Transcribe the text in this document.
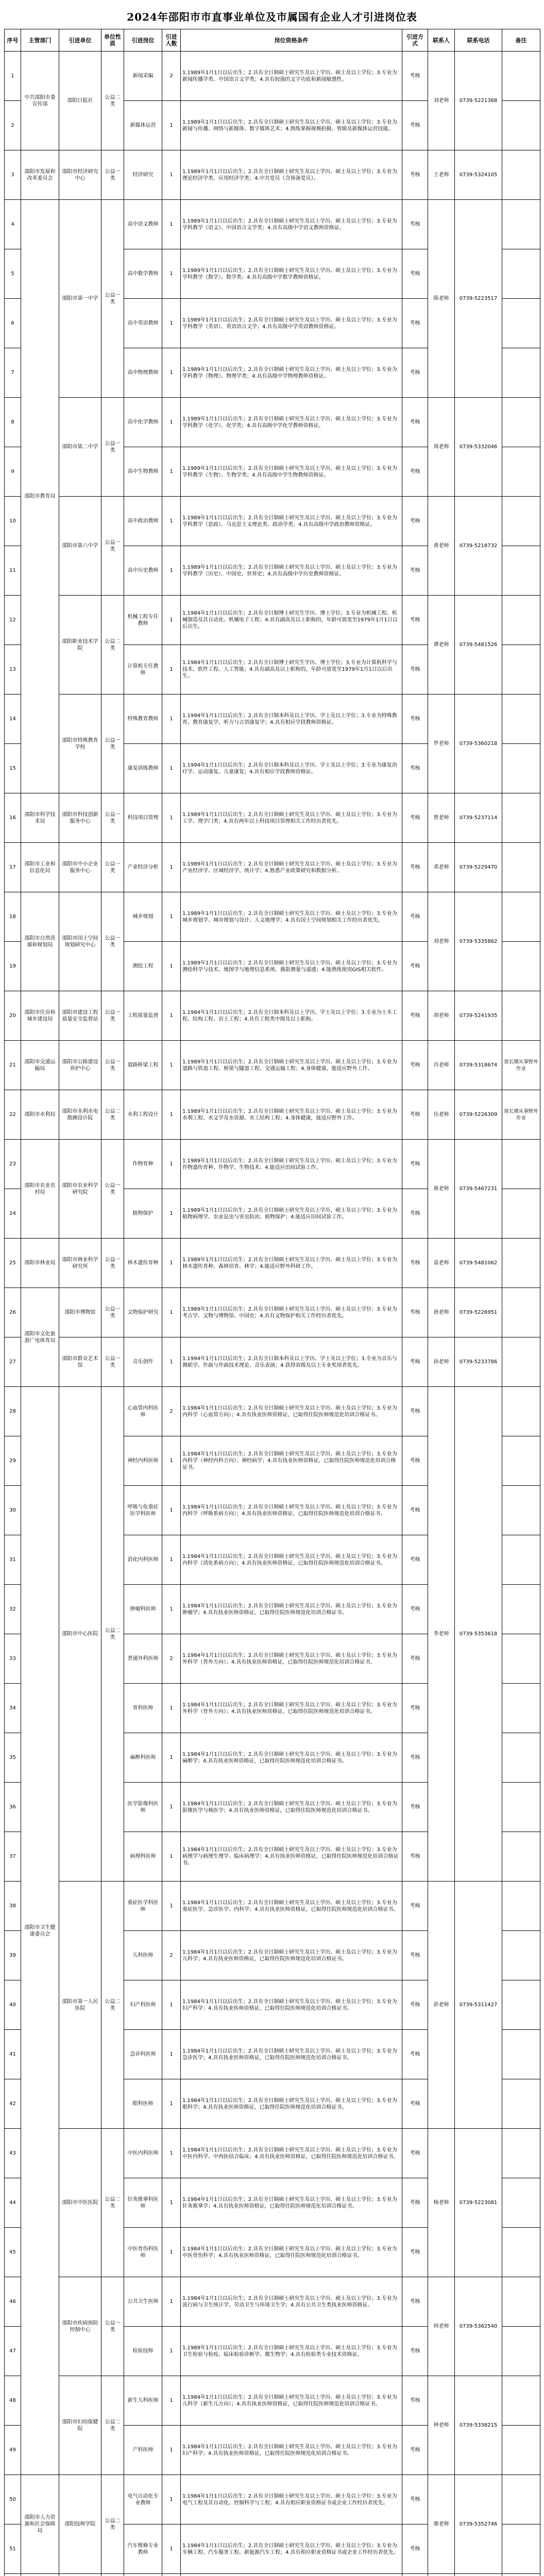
2024年邵阳市市直事业单位及市属国有企业人才引进岗位表
序号	主管部门	引进单位	单位性质	引进岗位	引进人数	岗位资格条件	引进方式	联系人	联系电话	备注

1	中共邵阳市委宣传部	邵阳日报社	公益二类	新闻采编	2	1.1989年1月1日以后出生；2.具有全日制硕士研究生及以上学历、硕士及以上学位；3.专业为新闻传播学类、中国语言文学类；4.具有较强的文字功底和新闻敏感性。	考核	刘老师	0739-5221368	

2				新媒体运营	1	1.1989年1月1日以后出生；2.具有全日制硕士研究生及以上学历、硕士及以上学位；3.专业为新闻与传播、网络与新媒体、数字媒体艺术；4.熟练掌握视频拍摄、剪辑及新媒体运营技能。	考核			

3	邵阳市发展和改革委员会	邵阳市经济研究中心	公益一类	经济研究	1	1.1989年1月1日以后出生；2.具有全日制硕士研究生及以上学历、硕士及以上学位；3.专业为理论经济学类、应用经济学类；4.中共党员（含预备党员）。	考核	王老师	0739-5324105	

4	邵阳市教育局	邵阳市第一中学	公益一类	高中语文教师	1	1.1989年1月1日以后出生；2.具有全日制硕士研究生及以上学历、硕士及以上学位；3.专业为学科教学（语文）、中国语言文学类；4.具有高级中学语文教师资格证。	考核	陈老师	0739-5223517	

5				高中数学教师	1	1.1989年1月1日以后出生；2.具有全日制硕士研究生及以上学历、硕士及以上学位；3.专业为学科教学（数学）、数学类；4.具有高级中学数学教师资格证。	考核			

6				高中英语教师	1	1.1989年1月1日以后出生；2.具有全日制硕士研究生及以上学历、硕士及以上学位；3.专业为学科教学（英语）、英语语言文学；4.具有高级中学英语教师资格证。	考核			

7				高中物理教师	1	1.1989年1月1日以后出生；2.具有全日制硕士研究生及以上学历、硕士及以上学位；3.专业为学科教学（物理）、物理学类；4.具有高级中学物理教师资格证。	考核			

8		邵阳市第二中学	公益一类	高中化学教师	1	1.1989年1月1日以后出生；2.具有全日制硕士研究生及以上学历、硕士及以上学位；3.专业为学科教学（化学）、化学类；4.具有高级中学化学教师资格证。	考核	周老师	0739-5332046	

9				高中生物教师	1	1.1989年1月1日以后出生；2.具有全日制硕士研究生及以上学历、硕士及以上学位；3.专业为学科教学（生物）、生物学类；4.具有高级中学生物教师资格证。	考核			

10		邵阳市第六中学	公益一类	高中政治教师	1	1.1989年1月1日以后出生；2.具有全日制硕士研究生及以上学历、硕士及以上学位；3.专业为学科教学（思政）、马克思主义理论类、政治学类；4.具有高级中学政治教师资格证。	考核	黄老师	0739-5218732	

11				高中历史教师	1	1.1989年1月1日以后出生；2.具有全日制硕士研究生及以上学历、硕士及以上学位；3.专业为学科教学（历史）、中国史、世界史；4.具有高级中学历史教师资格证。	考核			

12		邵阳职业技术学院	公益二类	机械工程专任教师	1	1.1984年1月1日以后出生；2.具有全日制博士研究生学历、博士学位；3.专业为机械工程、机械制造及其自动化、机械电子工程；4.具有副高及以上职称的，年龄可放宽至1979年1月1日以后出生。	考核	谭老师	0739-5481526	

13				计算机专任教师	1	1.1984年1月1日以后出生；2.具有全日制博士研究生学历、博士学位；3.专业为计算机科学与技术、软件工程、人工智能；4.具有副高及以上职称的，年龄可放宽至1979年1月1日以后出生。	考核			

14		邵阳市特殊教育学校	公益一类	特殊教育教师	1	1.1994年1月1日以后出生；2.具有全日制本科及以上学历、学士及以上学位；3.专业为特殊教育、教育康复学、听力与言语康复学；4.具有相应学段教师资格证。	考核	罗老师	0739-5360218	

15				康复训练教师	1	1.1994年1月1日以后出生；2.具有全日制本科及以上学历、学士及以上学位；3.专业为康复治疗学、运动康复、儿童康复；4.具有相应学段教师资格证。	考核			

16	邵阳市科学技术局	邵阳市科技创新服务中心	公益一类	科技项目管理	1	1.1989年1月1日以后出生；2.具有全日制硕士研究生及以上学历、硕士及以上学位；3.专业为工学、理学门类；4.具有两年以上科技项目管理相关工作经历者优先。	考核	曾老师	0739-5237114	

17	邵阳市工业和信息化局	邵阳市中小企业服务中心	公益一类	产业经济分析	1	1.1989年1月1日以后出生；2.具有全日制硕士研究生及以上学历、硕士及以上学位；3.专业为产业经济学、区域经济学、统计学；4.熟悉产业政策研究和数据分析。	考核	邓老师	0739-5229470	

18	邵阳市自然资源和规划局	邵阳市国土空间规划研究中心	公益一类	城乡规划	1	1.1989年1月1日以后出生；2.具有全日制硕士研究生及以上学历、硕士及以上学位；3.专业为城乡规划学、城市规划与设计、人文地理学；4.具有国土空间规划相关工作经历者优先。	考核	刘老师	0739-5335862	

19				测绘工程	1	1.1989年1月1日以后出生；2.具有全日制硕士研究生及以上学历、硕士及以上学位；3.专业为测绘科学与技术、地图学与地理信息系统、摄影测量与遥感；4.能熟练使用GIS相关软件。	考核			

20	邵阳市住房和城乡建设局	邵阳市建设工程质量安全监督站	公益一类	工程质量监督	1	1.1984年1月1日以后出生；2.具有全日制本科及以上学历、学士及以上学位；3.专业为土木工程、结构工程、岩土工程；4.具有工程类中级及以上职称。	考核	胡老师	0739-5241935	

21	邵阳市交通运输局	邵阳市公路建设养护中心	公益一类	道路桥梁工程	1	1.1989年1月1日以后出生；2.具有全日制硕士研究生及以上学历、硕士及以上学位；3.专业为道路与铁道工程、桥梁与隧道工程、交通运输工程；4.身体健康，能适应野外工作。	考核	肖老师	0739-5318674	需长期从事野外作业

22	邵阳市水利局	邵阳市水利水电勘测设计院	公益二类	水利工程设计	1	1.1989年1月1日以后出生；2.具有全日制硕士研究生及以上学历、硕士及以上学位；3.专业为水利工程、水文学及水资源、水工结构工程；4.身体健康，能适应野外工作。	考核	伍老师	0739-5226309	需长期从事野外作业

23	邵阳市农业农村局	邵阳市农业科学研究院	公益一类	作物育种	1	1.1989年1月1日以后出生；2.具有全日制硕士研究生及以上学历、硕士及以上学位；3.专业为作物遗传育种、作物学、生物技术；4.能适应田间试验工作。	考核	蒋老师	0739-5467231	

24				植物保护	1	1.1989年1月1日以后出生；2.具有全日制硕士研究生及以上学历、硕士及以上学位；3.专业为植物病理学、农业昆虫与害虫防治、植物保护；4.能适应田间试验工作。	考核			

25	邵阳市林业局	邵阳市林业科学研究所	公益一类	林木遗传育种	1	1.1989年1月1日以后出生；2.具有全日制硕士研究生及以上学历、硕士及以上学位；3.专业为林木遗传育种、森林培育、林学；4.能适应野外科研工作。	考核	袁老师	0739-5481062	

26	邵阳市文化旅游广电体育局	邵阳市博物馆	公益一类	文物保护研究	1	1.1989年1月1日以后出生；2.具有全日制硕士研究生及以上学历、硕士及以上学位；3.专业为考古学、文物与博物馆、中国史；4.具有文物保护相关工作经历者优先。	考核	唐老师	0739-5226951	

27		邵阳市群众艺术馆	公益一类	音乐创作	1	1.1994年1月1日以后出生；2.具有全日制本科及以上学历、学士及以上学位；3.专业为音乐与舞蹈学、作曲与作曲技术理论、音乐表演；4.获得省级及以上专业奖项者优先。	考核	孙老师	0739-5233786	

28	邵阳市卫生健康委员会	邵阳市中心医院	公益二类	心血管内科医师	2	1.1984年1月1日以后出生；2.具有全日制硕士研究生及以上学历、硕士及以上学位；3.专业为内科学（心血管方向）；4.具有执业医师资格证，已取得住院医师规范化培训合格证书。	考核	李老师	0739-5353618	

29				神经内科医师	1	1.1984年1月1日以后出生；2.具有全日制硕士研究生及以上学历、硕士及以上学位；3.专业为内科学（神经内科方向）、神经病学；4.具有执业医师资格证，已取得住院医师规范化培训合格证书。	考核			

30				呼吸与危重症医学科医师	1	1.1984年1月1日以后出生；2.具有全日制硕士研究生及以上学历、硕士及以上学位；3.专业为内科学（呼吸系病方向）；4.具有执业医师资格证，已取得住院医师规范化培训合格证书。	考核			

31				消化内科医师	1	1.1984年1月1日以后出生；2.具有全日制硕士研究生及以上学历、硕士及以上学位；3.专业为内科学（消化系病方向）；4.具有执业医师资格证，已取得住院医师规范化培训合格证书。	考核			

32				肿瘤科医师	1	1.1984年1月1日以后出生；2.具有全日制硕士研究生及以上学历、硕士及以上学位；3.专业为肿瘤学；4.具有执业医师资格证，已取得住院医师规范化培训合格证书。	考核			

33				普通外科医师	2	1.1984年1月1日以后出生；2.具有全日制硕士研究生及以上学历、硕士及以上学位；3.专业为外科学（普外方向）；4.具有执业医师资格证，已取得住院医师规范化培训合格证书。	考核			

34				骨科医师	1	1.1984年1月1日以后出生；2.具有全日制硕士研究生及以上学历、硕士及以上学位；3.专业为外科学（骨外方向）；4.具有执业医师资格证，已取得住院医师规范化培训合格证书。	考核			

35				麻醉科医师	1	1.1984年1月1日以后出生；2.具有全日制硕士研究生及以上学历、硕士及以上学位；3.专业为麻醉学；4.具有执业医师资格证，已取得住院医师规范化培训合格证书。	考核			

36				医学影像科医师	1	1.1984年1月1日以后出生；2.具有全日制硕士研究生及以上学历、硕士及以上学位；3.专业为影像医学与核医学；4.具有执业医师资格证，已取得住院医师规范化培训合格证书。	考核			

37				病理科医师	1	1.1984年1月1日以后出生；2.具有全日制硕士研究生及以上学历、硕士及以上学位；3.专业为病理学与病理生理学、临床病理学；4.具有执业医师资格证，已取得住院医师规范化培训合格证书。	考核			

38		邵阳市第一人民医院	公益二类	重症医学科医师	1	1.1984年1月1日以后出生；2.具有全日制硕士研究生及以上学历、硕士及以上学位；3.专业为重症医学、急诊医学、内科学；4.具有执业医师资格证，已取得住院医师规范化培训合格证书。	考核	彭老师	0739-5311427	

39				儿科医师	2	1.1984年1月1日以后出生；2.具有全日制硕士研究生及以上学历、硕士及以上学位；3.专业为儿科学；4.具有执业医师资格证，已取得住院医师规范化培训合格证书。	考核			

40				妇产科医师	1	1.1984年1月1日以后出生；2.具有全日制硕士研究生及以上学历、硕士及以上学位；3.专业为妇产科学；4.具有执业医师资格证，已取得住院医师规范化培训合格证书。	考核			

41				急诊科医师	1	1.1984年1月1日以后出生；2.具有全日制硕士研究生及以上学历、硕士及以上学位；3.专业为急诊医学；4.具有执业医师资格证，已取得住院医师规范化培训合格证书。	考核			

42				眼科医师	1	1.1984年1月1日以后出生；2.具有全日制硕士研究生及以上学历、硕士及以上学位；3.专业为眼科学；4.具有执业医师资格证，已取得住院医师规范化培训合格证书。	考核			

43		邵阳市中医医院	公益二类	中医内科医师	1	1.1984年1月1日以后出生；2.具有全日制硕士研究生及以上学历、硕士及以上学位；3.专业为中医内科学、中西医结合临床；4.具有执业医师资格证，已取得住院医师规范化培训合格证书。	考核	杨老师	0739-5223081	

44				针灸推拿科医师	1	1.1984年1月1日以后出生；2.具有全日制硕士研究生及以上学历、硕士及以上学位；3.专业为针灸推拿学；4.具有执业医师资格证，已取得住院医师规范化培训合格证书。	考核			

45				中医骨伤科医师	1	1.1984年1月1日以后出生；2.具有全日制硕士研究生及以上学历、硕士及以上学位；3.专业为中医骨伤科学；4.具有执业医师资格证，已取得住院医师规范化培训合格证书。	考核			

46		邵阳市疾病预防控制中心	公益一类	公共卫生医师	1	1.1984年1月1日以后出生；2.具有全日制硕士研究生及以上学历、硕士及以上学位；3.专业为流行病与卫生统计学、劳动卫生与环境卫生学；4.具有公共卫生类执业医师资格证。	考核	何老师	0739-5362540	

47				检验技师	1	1.1989年1月1日以后出生；2.具有全日制硕士研究生及以上学历、硕士及以上学位；3.专业为卫生检验与检疫、临床检验诊断学、微生物学；4.具有检验类专业技术资格证。	考核			

48		邵阳市妇幼保健院	公益二类	新生儿科医师	1	1.1984年1月1日以后出生；2.具有全日制硕士研究生及以上学历、硕士及以上学位；3.专业为儿科学（新生儿方向）；4.具有执业医师资格证，已取得住院医师规范化培训合格证书。	考核	钟老师	0739-5338215	

49				产科医师	1	1.1984年1月1日以后出生；2.具有全日制硕士研究生及以上学历、硕士及以上学位；3.专业为妇产科学；4.具有执业医师资格证，已取得住院医师规范化培训合格证书。	考核			

50	邵阳市人力资源和社会保障局	邵阳技师学院	公益二类	电气自动化专业教师	1	1.1984年1月1日以后出生；2.具有全日制硕士研究生及以上学历、硕士及以上学位；3.专业为电气工程及其自动化、控制科学与工程；4.具有相应职业资格证书或企业工作经历者优先。	考核	廖老师	0739-5352746	

51				汽车维修专业教师	1	1.1984年1月1日以后出生；2.具有全日制硕士研究生及以上学历、硕士及以上学位；3.专业为车辆工程、汽车服务工程、新能源汽车工程；4.具有相应职业资格证书或企业工作经历者优先。	考核			
